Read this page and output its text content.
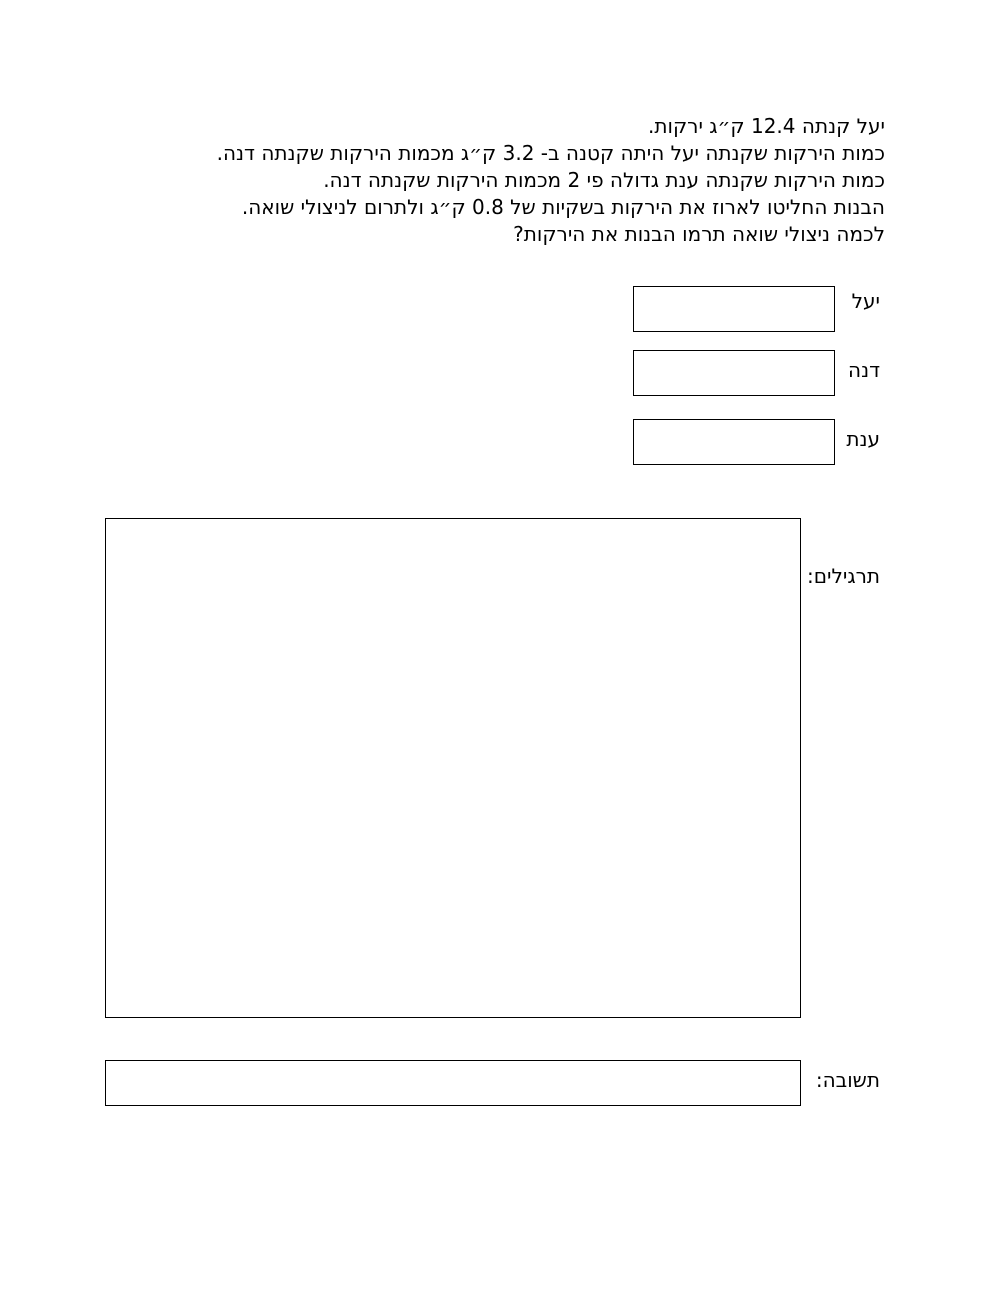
יעל קנתה 12.4 ק״ג ירקות.

כמות הירקות שקנתה יעל היתה קטנה ב- 3.2 ק״ג מכמות הירקות שקנתה דנה.

כמות הירקות שקנתה ענת גדולה פי 2 מכמות הירקות שקנתה דנה.

הבנות החליטו לארוז את הירקות בשקיות של 0.8 ק״ג ולתרום לניצולי שואה.

לכמה ניצולי שואה תרמו הבנות את הירקות?

יעל
דנה
ענת
תרגילים:
תשובה:
